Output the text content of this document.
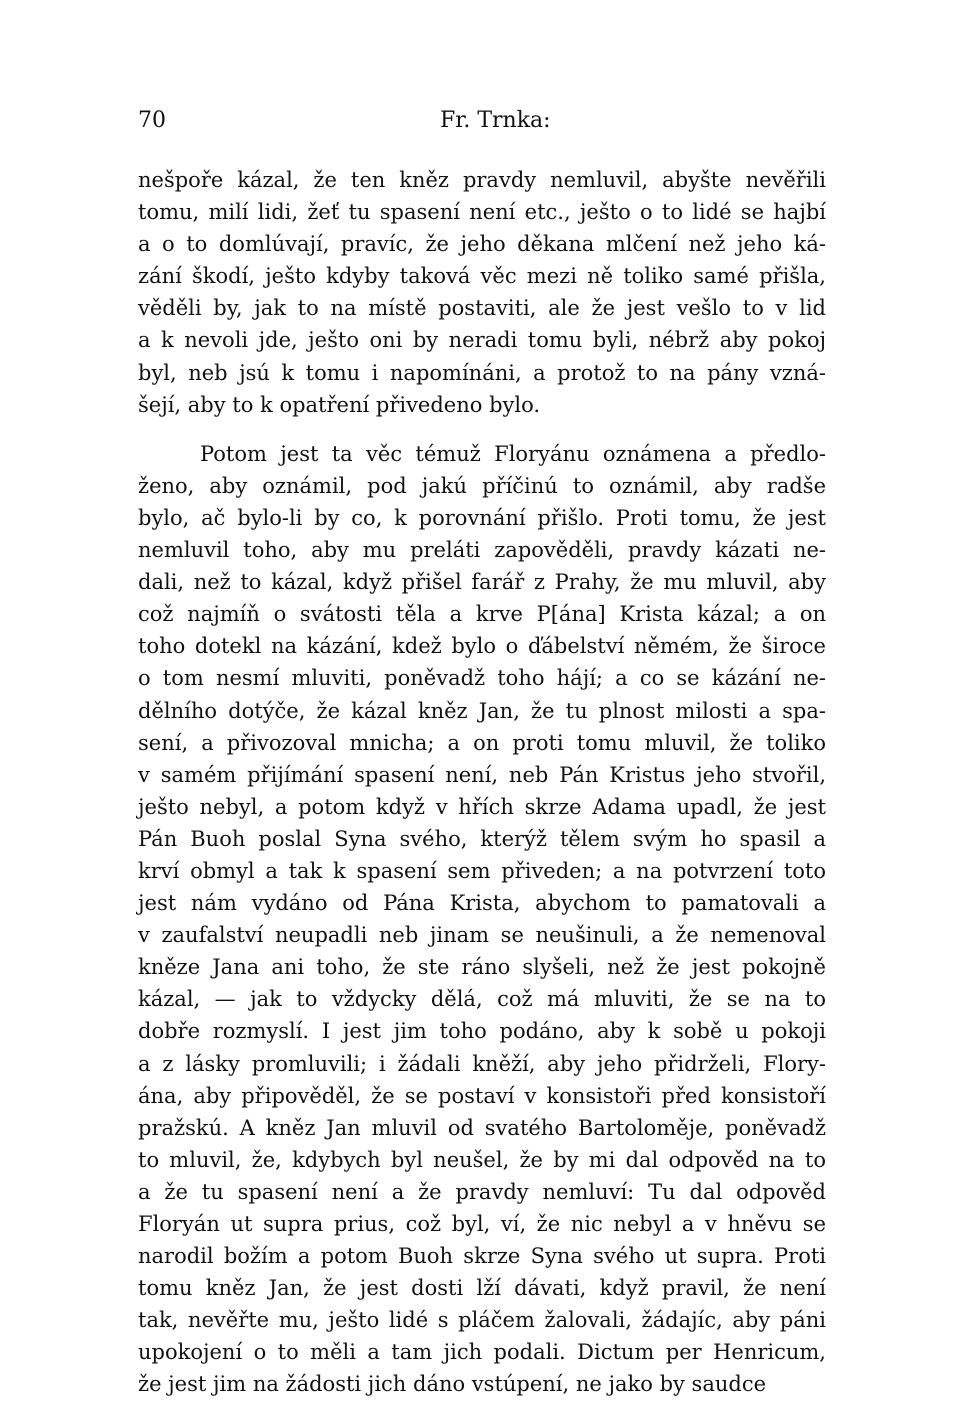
70	Fr. Trnka:
nešpoře kázal, že ten kněz pravdy nemluvil, abyšte nevěřili
tomu, milí lidi, žeť tu spasení není etc., ješto o to lidé se hajbí
a o to domlúvají, pravíc, že jeho děkana mlčení než jeho ká-
zání škodí, ješto kdyby taková věc mezi ně toliko samé přišla,
věděli by, jak to na místě postaviti, ale že jest vešlo to v lid
a k nevoli jde, ješto oni by neradi tomu byli, nébrž aby pokoj
byl, neb jsú k tomu i napomínáni, a protož to na pány vzná-
šejí, aby to k opatření přivedeno bylo.
Potom jest ta věc témuž Floryánu oznámena a předlo-
ženo, aby oznámil, pod jakú příčinú to oznámil, aby radše
bylo, ač bylo-li by co, k porovnání přišlo. Proti tomu, že jest
nemluvil toho, aby mu preláti zapověděli, pravdy kázati ne-
dali, než to kázal, když přišel farář z Prahy, že mu mluvil, aby
což najmíň o svátosti těla a krve P[ána] Krista kázal; a on
toho dotekl na kázání, kdež bylo o ďábelství němém, že široce
o tom nesmí mluviti, poněvadž toho hájí; a co se kázání ne-
dělního dotýče, že kázal kněz Jan, že tu plnost milosti a spa-
sení, a přivozoval mnicha; a on proti tomu mluvil, že toliko
v samém přijímání spasení není, neb Pán Kristus jeho stvořil,
ješto nebyl, a potom když v hřích skrze Adama upadl, že jest
Pán Buoh poslal Syna svého, kterýž tělem svým ho spasil a
krví obmyl a tak k spasení sem přiveden; a na potvrzení toto
jest nám vydáno od Pána Krista, abychom to pamatovali a
v zaufalství neupadli neb jinam se neušinuli, a že nemenoval
kněze Jana ani toho, že ste ráno slyšeli, než že jest pokojně
kázal, — jak to vždycky dělá, což má mluviti, že se na to
dobře rozmyslí. I jest jim toho podáno, aby k sobě u pokoji
a z lásky promluvili; i žádali kněží, aby jeho přidrželi, Flory-
ána, aby připověděl, že se postaví v konsistoři před konsistoří
pražskú. A kněz Jan mluvil od svatého Bartoloměje, poněvadž
to mluvil, že, kdybych byl neušel, že by mi dal odpověd na to
a že tu spasení není a že pravdy nemluví: Tu dal odpověd
Floryán ut supra prius, což byl, ví, že nic nebyl a v hněvu se
narodil božím a potom Buoh skrze Syna svého ut supra. Proti
tomu kněz Jan, že jest dosti lží dávati, když pravil, že není
tak, nevěřte mu, ješto lidé s pláčem žalovali, žádajíc, aby páni
upokojení o to měli a tam jich podali. Dictum per Henricum,
že jest jim na žádosti jich dáno vstúpení, ne jako by saudce
